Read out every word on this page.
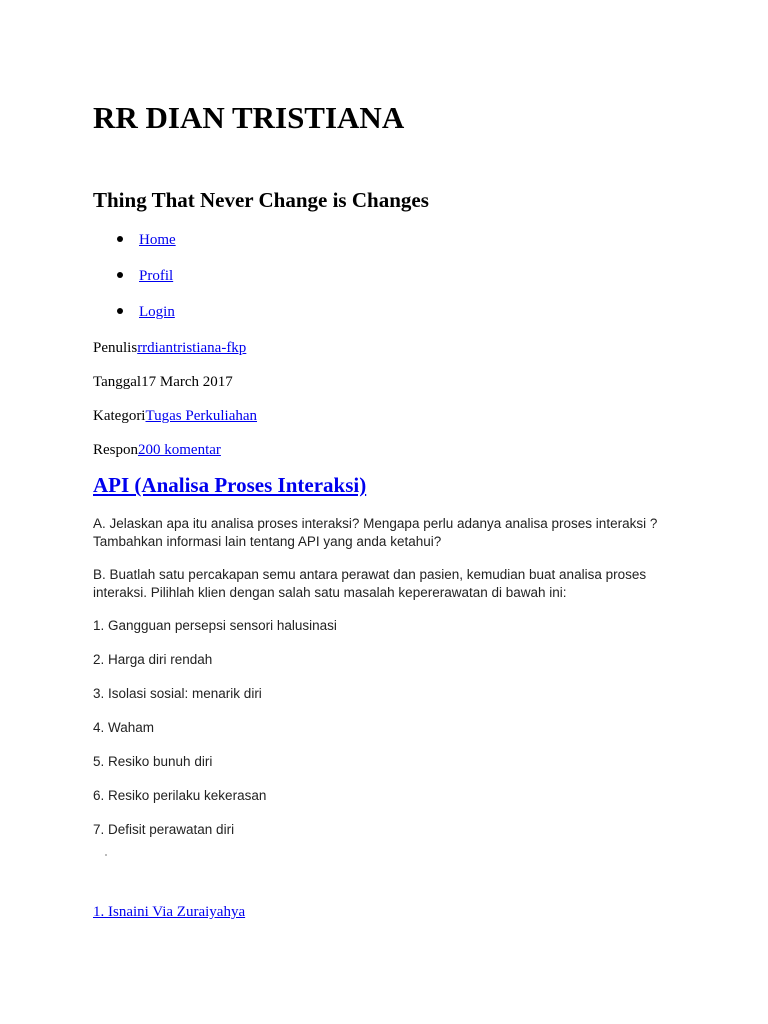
RR DIAN TRISTIANA
Thing That Never Change is Changes
Home
Profil
Login
Penulisrrdiantristiana-fkp
Tanggal17 March 2017
KategoriTugas Perkuliahan
Respon200 komentar
API (Analisa Proses Interaksi)

A. Jelaskan apa itu analisa proses interaksi? Mengapa perlu adanya analisa proses interaksi ? Tambahkan informasi lain tentang API yang anda ketahui?

B. Buatlah satu percakapan semu antara perawat dan pasien, kemudian buat analisa proses interaksi. Pilihlah klien dengan salah satu masalah kepererawatan di bawah ini:

1. Gangguan persepsi sensori halusinasi

2. Harga diri rendah

3. Isolasi sosial: menarik diri

4. Waham

5. Resiko bunuh diri

6. Resiko perilaku kekerasan

7. Defisit perawatan diri

1. Isnaini Via Zuraiyahya
